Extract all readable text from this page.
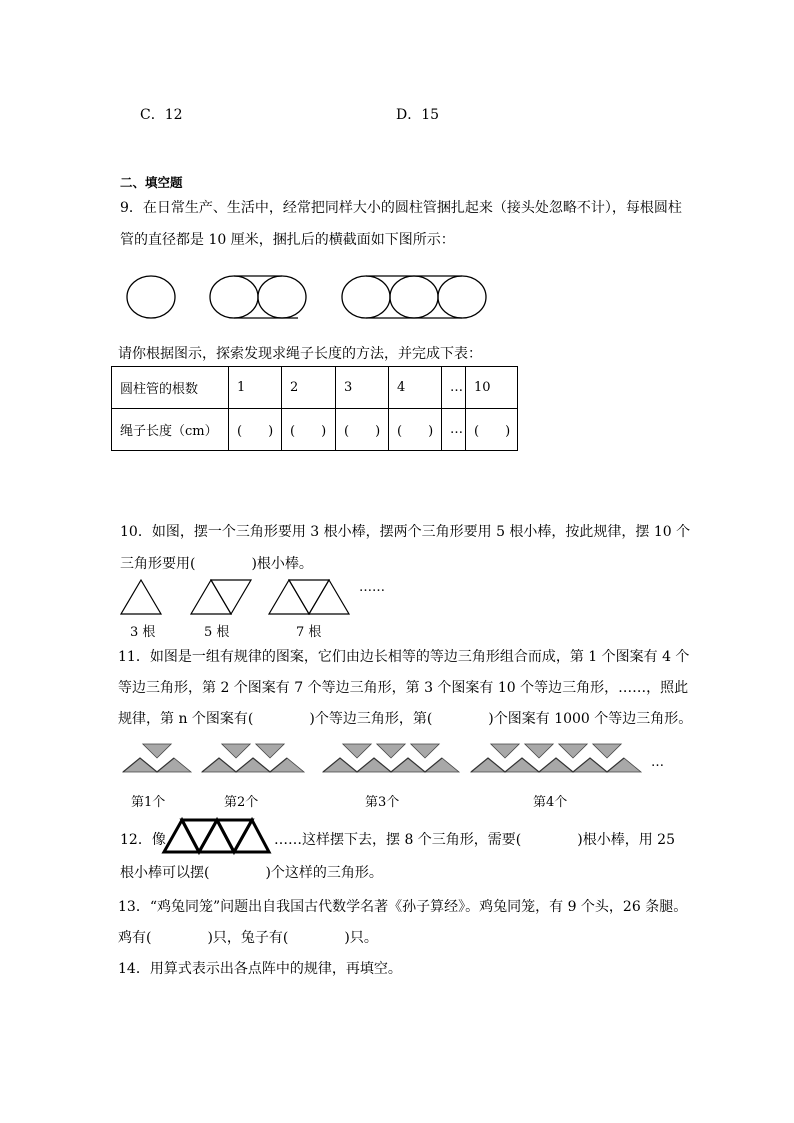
C．12	D．15
二、填空题
9．在日常生产、生活中，经常把同样大小的圆柱管捆扎起来（接头处忽略不计），每根圆柱
管的直径都是 10 厘米，捆扎后的横截面如下图所示：
请你根据图示，探索发现求绳子长度的方法，并完成下表：
圆柱管的根数	1	2	3	4	…	10
绳子长度（cm）	(　　)	(　　)	(　　)	(　　)	…	(　　)
10．如图，摆一个三角形要用 3 根小棒，摆两个三角形要用 5 根小棒，按此规律，摆 10 个
三角形要用(　　　　)根小棒。
……
3 根	5 根	7 根
11．如图是一组有规律的图案，它们由边长相等的等边三角形组合而成，第 1 个图案有 4 个
等边三角形，第 2 个图案有 7 个等边三角形，第 3 个图案有 10 个等边三角形，……，照此
规律，第 n 个图案有(　　　　)个等边三角形，第(　　　　)个图案有 1000 个等边三角形。
…
第1个	第2个	第3个	第4个
12．像	……这样摆下去，摆 8 个三角形，需要(　　　　)根小棒，用 25
根小棒可以摆(　　　　)个这样的三角形。
13．“鸡兔同笼”问题出自我国古代数学名著《孙子算经》。鸡兔同笼，有 9 个头，26 条腿。
鸡有(　　　　)只，兔子有(　　　　)只。
14．用算式表示出各点阵中的规律，再填空。
